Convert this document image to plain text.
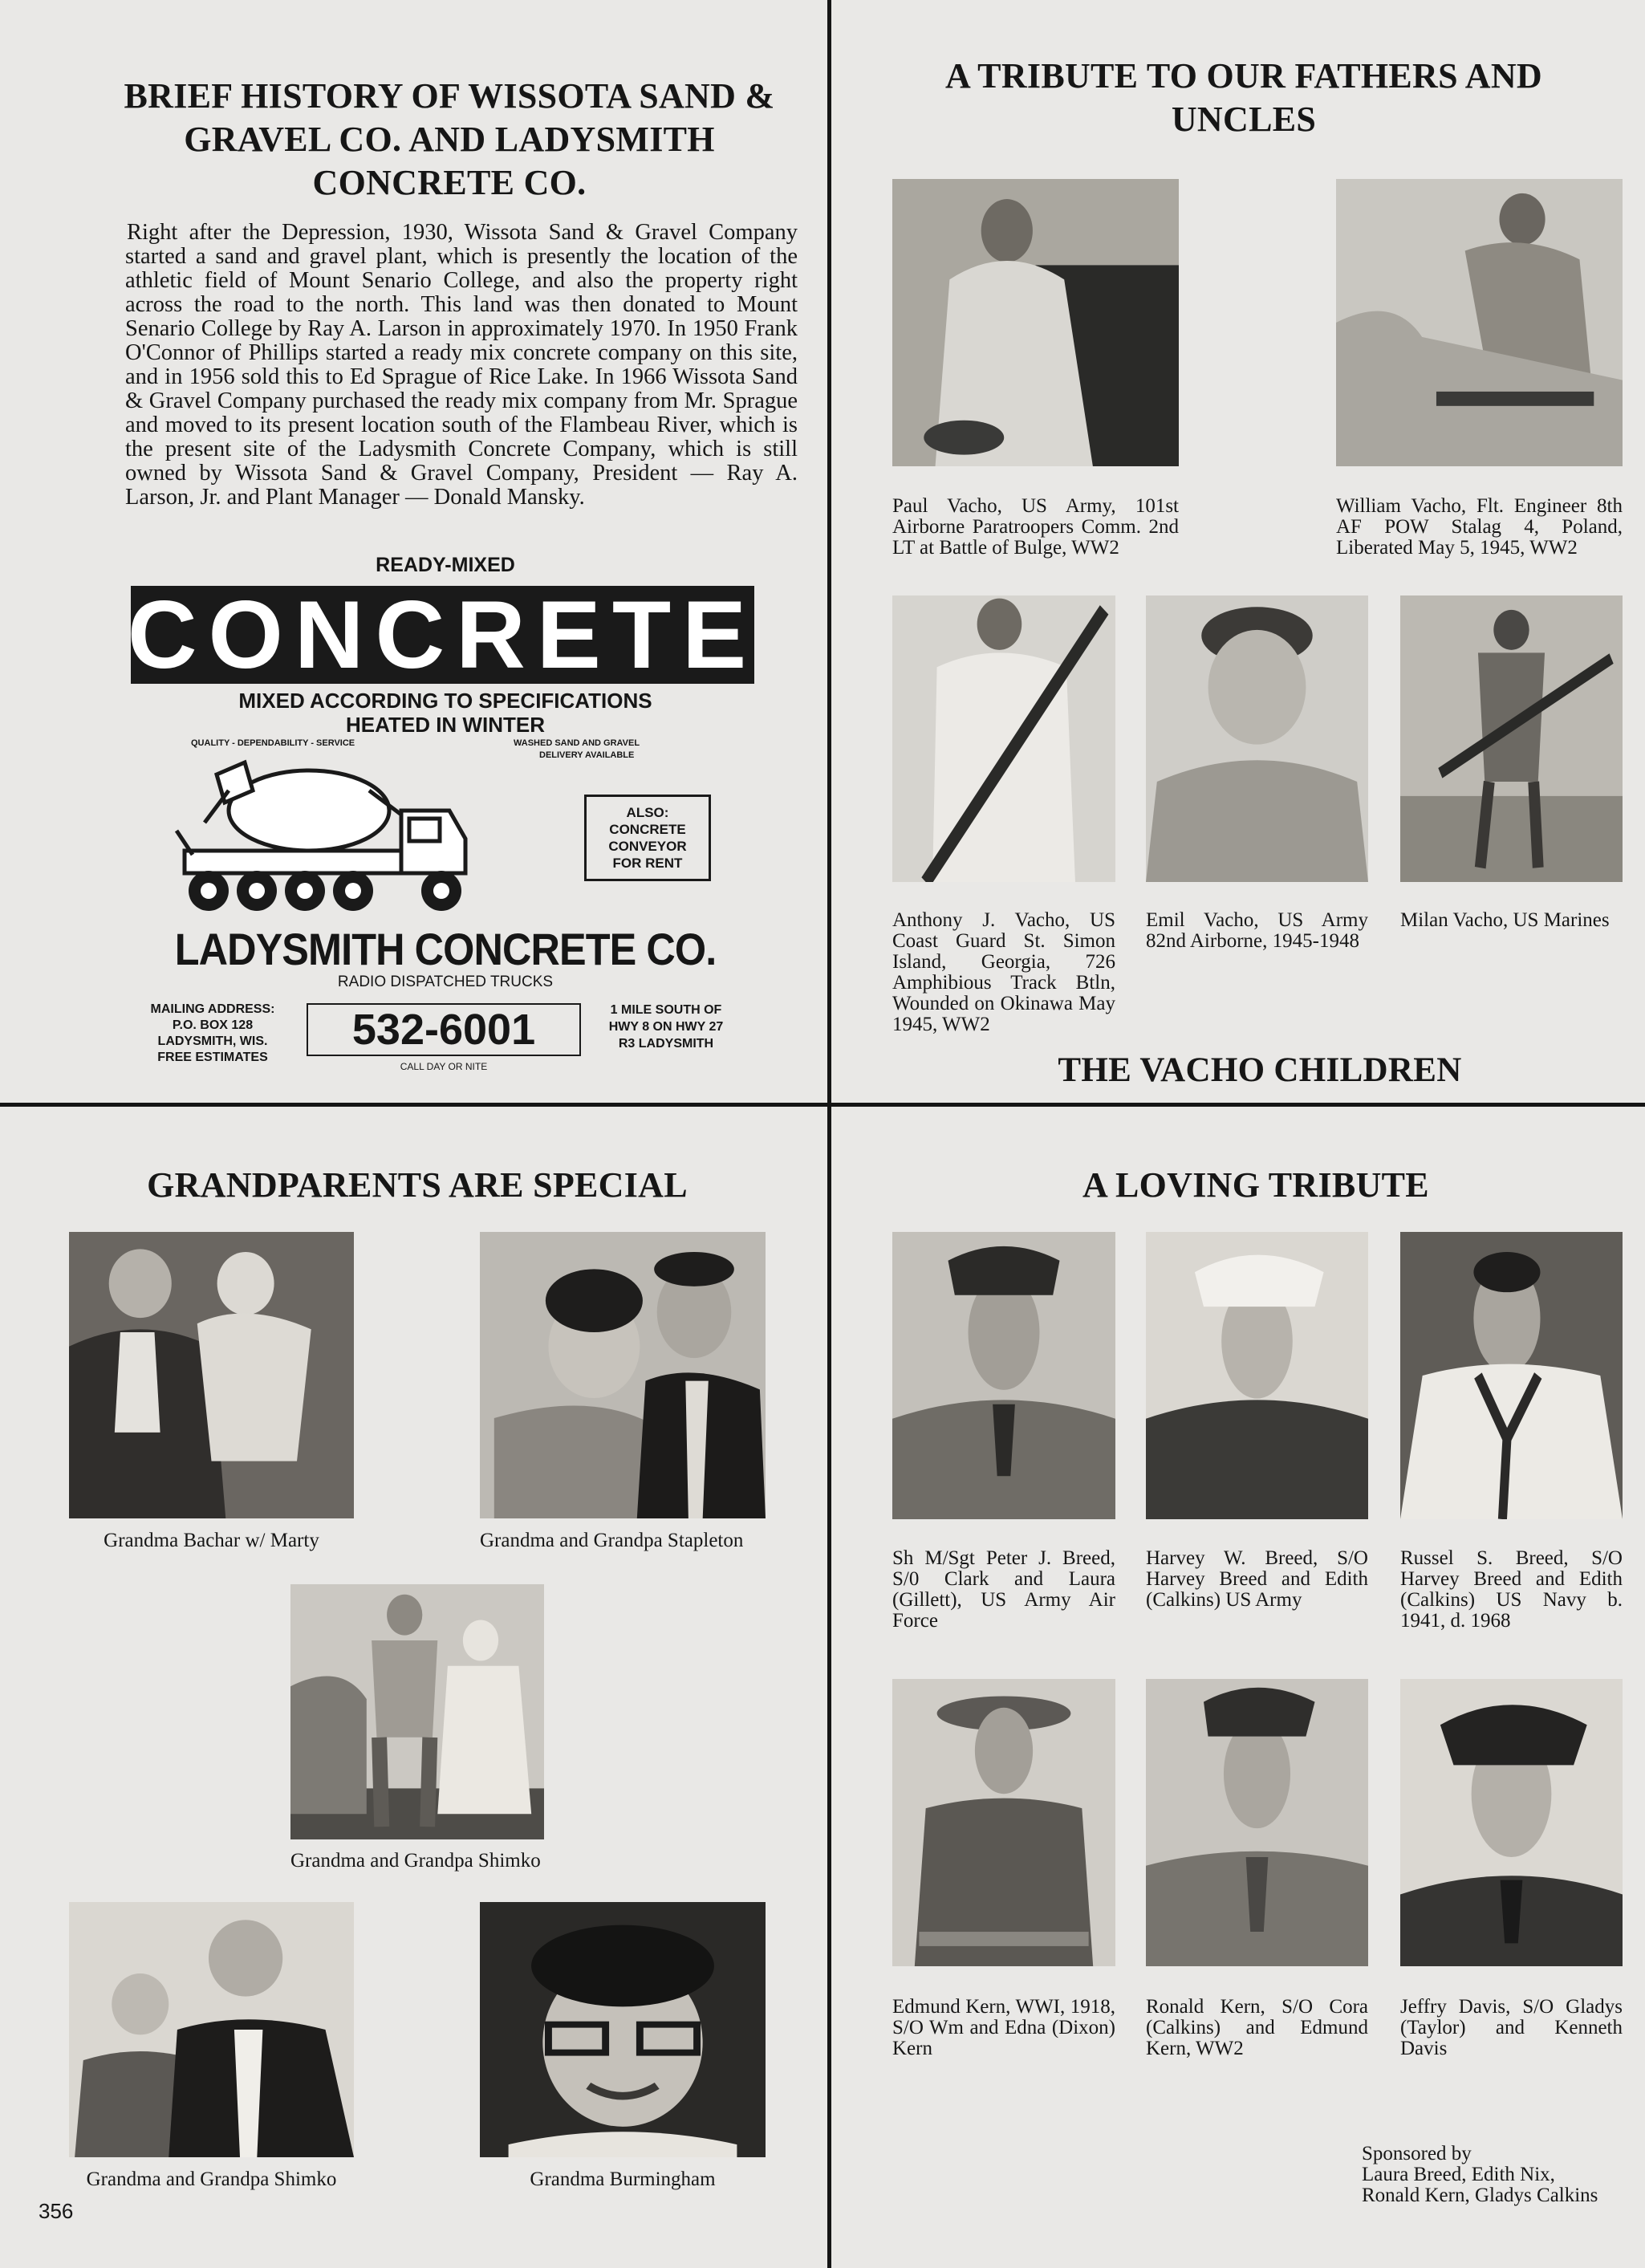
BRIEF HISTORY OF WISSOTA SAND & GRAVEL CO. AND LADYSMITH CONCRETE CO.
Right after the Depression, 1930, Wissota Sand & Gravel Company started a sand and gravel plant, which is presently the location of the athletic field of Mount Senario College, and also the property right across the road to the north. This land was then donated to Mount Senario College by Ray A. Larson in approximately 1970. In 1950 Frank O'Connor of Phillips started a ready mix concrete company on this site, and in 1956 sold this to Ed Sprague of Rice Lake. In 1966 Wissota Sand & Gravel Company purchased the ready mix company from Mr. Sprague and moved to its present location south of the Flambeau River, which is the present site of the Ladysmith Concrete Company, which is still owned by Wissota Sand & Gravel Company, President — Ray A. Larson, Jr. and Plant Manager — Donald Mansky.
READY-MIXED
CONCRETE
MIXED ACCORDING TO SPECIFICATIONS
HEATED IN WINTER
QUALITY - DEPENDABILITY - SERVICE	WASHED SAND AND GRAVEL
DELIVERY AVAILABLE
ALSO:
CONCRETE
CONVEYOR
FOR RENT
LADYSMITH CONCRETE CO.
RADIO DISPATCHED TRUCKS
MAILING ADDRESS:
P.O. BOX 128
LADYSMITH, WIS.
FREE ESTIMATES
532-6001
CALL DAY OR NITE
1 MILE SOUTH OF
HWY 8 ON HWY 27
R3 LADYSMITH
A TRIBUTE TO OUR FATHERS AND UNCLES
Paul Vacho, US Army, 101st Airborne Paratroopers Comm. 2nd LT at Battle of Bulge, WW2
William Vacho, Flt. Engineer 8th AF POW Stalag 4, Poland, Liberated May 5, 1945, WW2
Anthony J. Vacho, US Coast Guard St. Simon Island, Georgia, 726 Amphibious Track Btln, Wounded on Okinawa May 1945, WW2
Emil Vacho, US Army 82nd Airborne, 1945-1948
Milan Vacho, US Marines
THE VACHO CHILDREN
GRANDPARENTS ARE SPECIAL
Grandma Bachar w/ Marty	Grandma and Grandpa Stapleton
Grandma and Grandpa Shimko
Grandma and Grandpa Shimko	Grandma Burmingham
356
A LOVING TRIBUTE
Sh M/Sgt Peter J. Breed, S/0 Clark and Laura (Gillett), US Army Air Force
Harvey W. Breed, S/O Harvey Breed and Edith (Calkins) US Army
Russel S. Breed, S/O Harvey Breed and Edith (Calkins) US Navy b. 1941, d. 1968
Edmund Kern, WWI, 1918, S/O Wm and Edna (Dixon) Kern
Ronald Kern, S/O Cora (Calkins) and Edmund Kern, WW2
Jeffry Davis, S/O Gladys (Taylor) and Kenneth Davis
Sponsored by
Laura Breed, Edith Nix,
Ronald Kern, Gladys Calkins
